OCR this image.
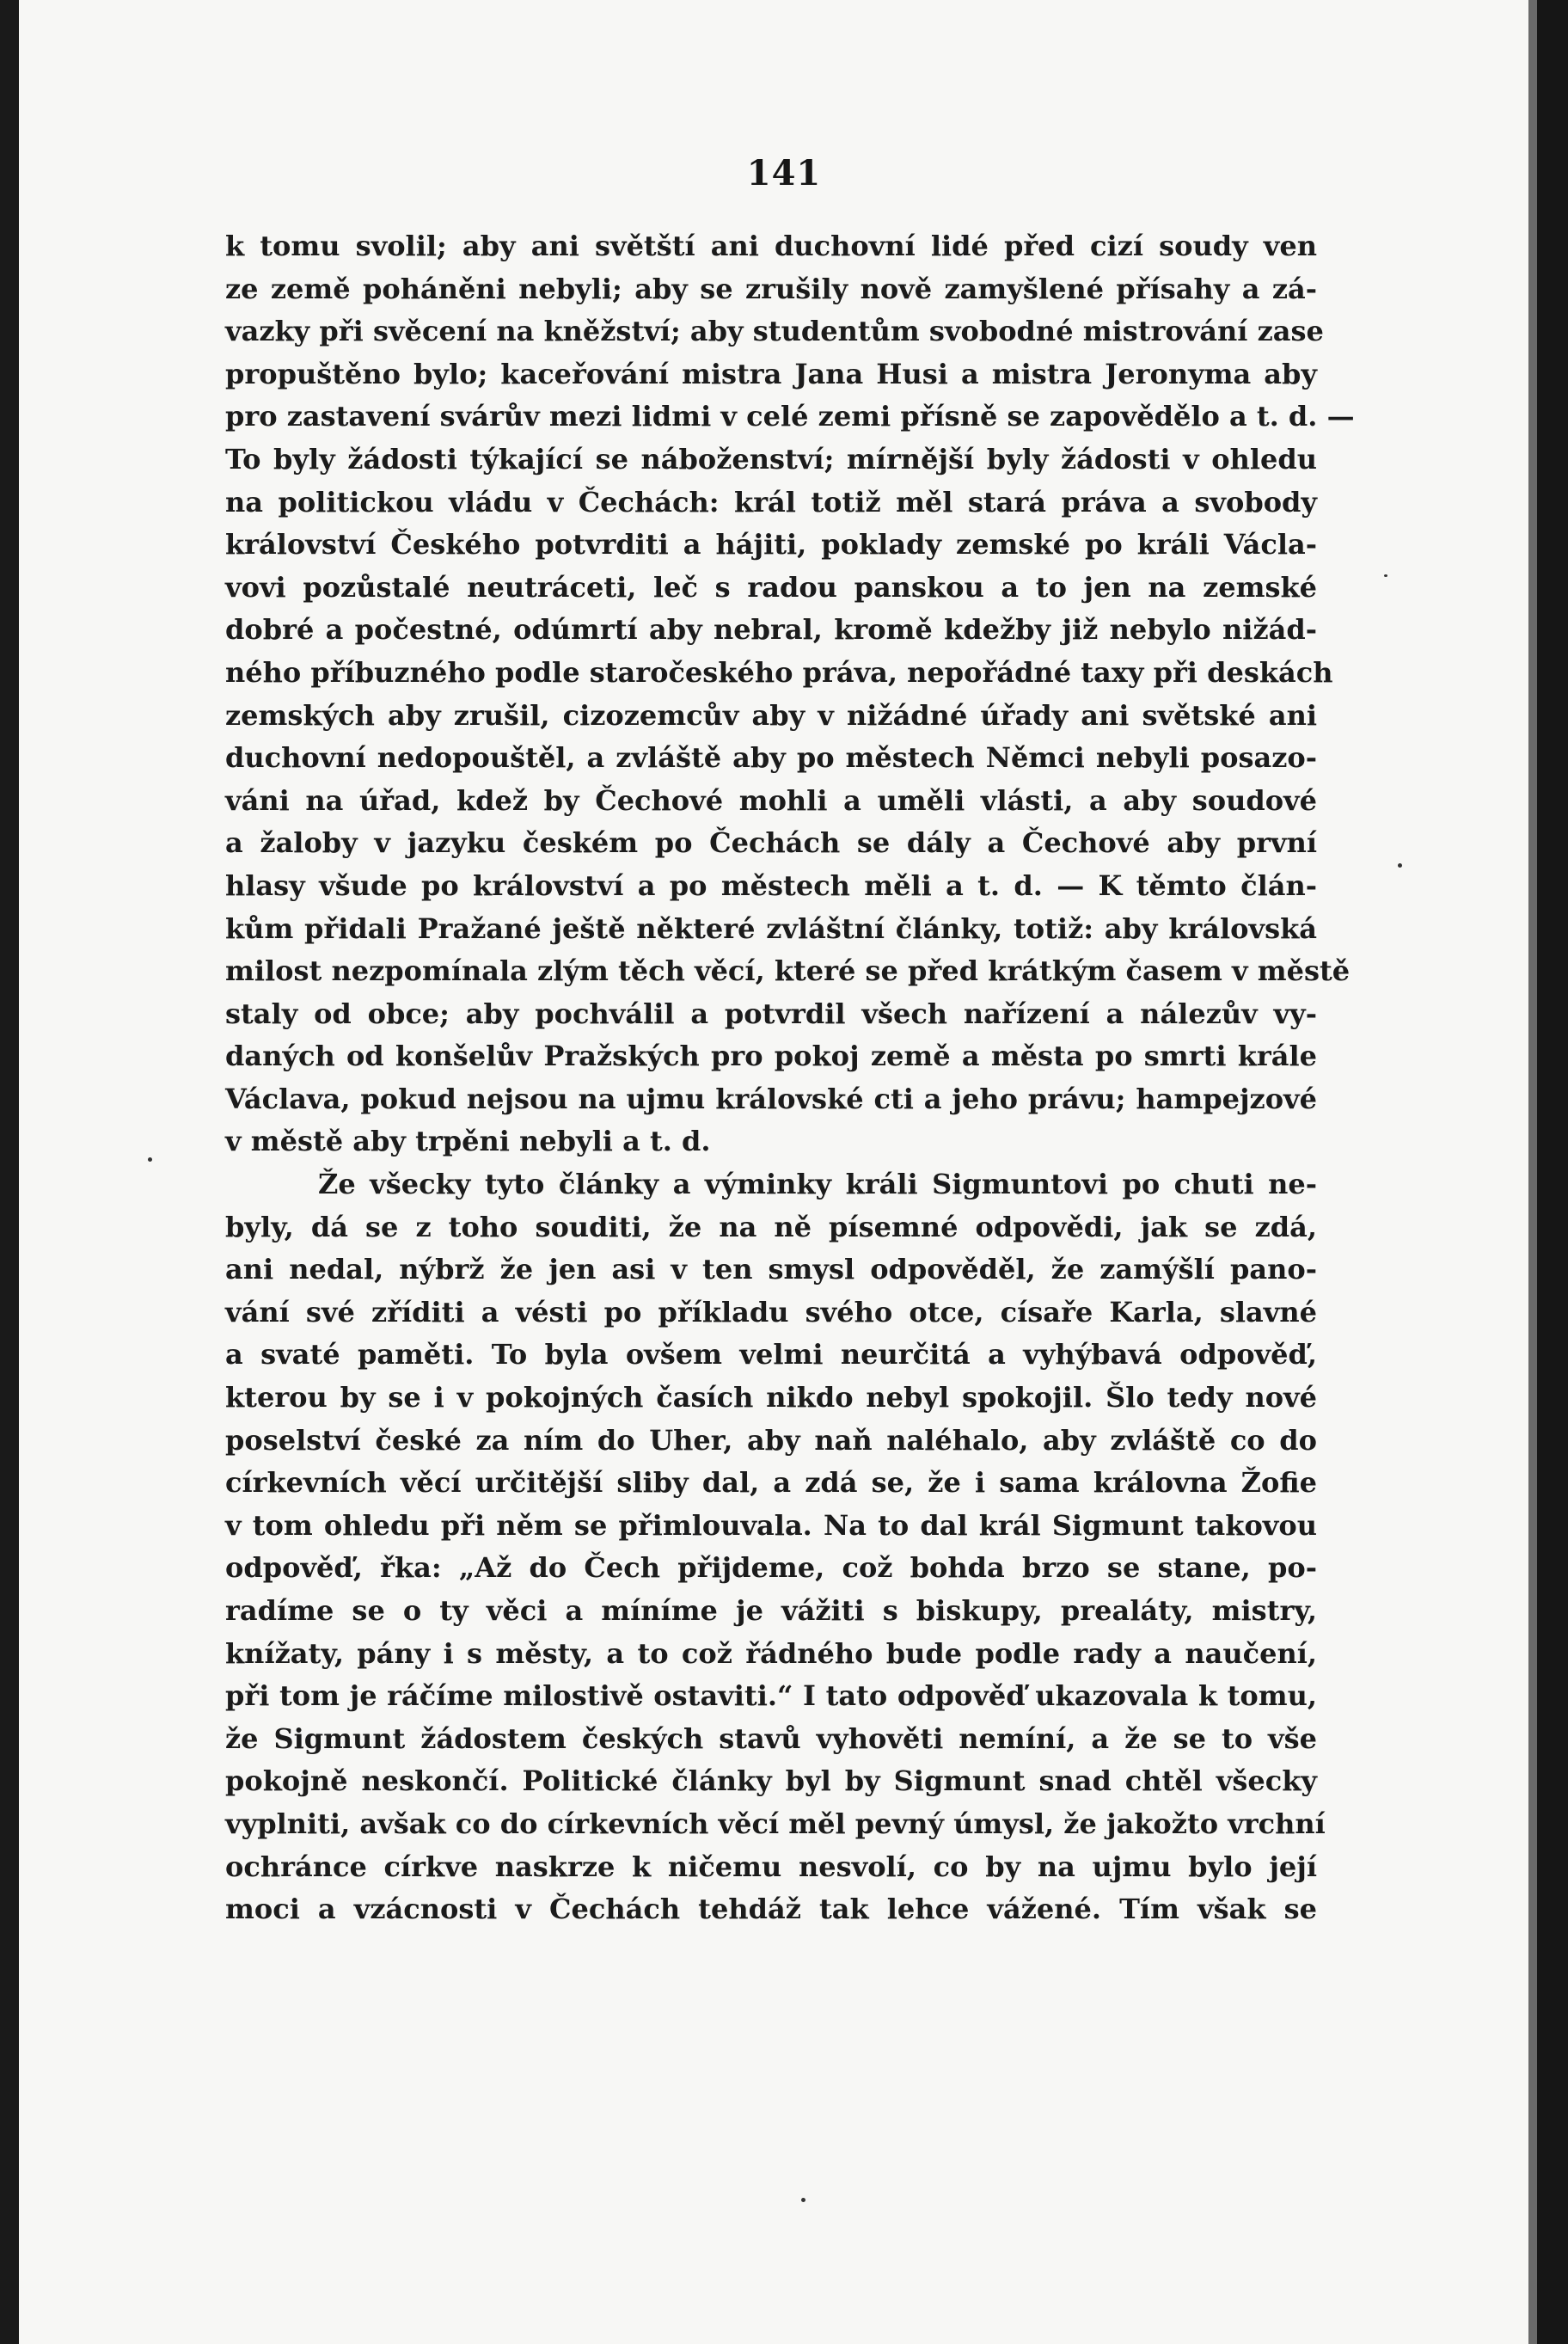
141
k tomu svolil; aby ani světští ani duchovní lidé před cizí soudy ven
ze země poháněni nebyli; aby se zrušily nově zamyšlené přísahy a zá-
vazky při svěcení na kněžství; aby studentům svobodné mistrování zase
propuštěno bylo; kaceřování mistra Jana Husi a mistra Jeronyma aby
pro zastavení svárův mezi lidmi v celé zemi přísně se zapovědělo a t. d. —
To byly žádosti týkající se náboženství; mírnější byly žádosti v ohledu
na politickou vládu v Čechách: král totiž měl stará práva a svobody
království Českého potvrditi a hájiti, poklady zemské po králi Václa-
vovi pozůstalé neutráceti, leč s radou panskou a to jen na zemské
dobré a počestné, odúmrtí aby nebral, kromě kdežby již nebylo nižád-
ného příbuzného podle staročeského práva, nepořádné taxy při deskách
zemských aby zrušil, cizozemcův aby v nižádné úřady ani světské ani
duchovní nedopouštěl, a zvláště aby po městech Němci nebyli posazo-
váni na úřad, kdež by Čechové mohli a uměli vlásti, a aby soudové
a žaloby v jazyku českém po Čechách se dály a Čechové aby první
hlasy všude po království a po městech měli a t. d. — K těmto člán-
kům přidali Pražané ještě některé zvláštní články, totiž: aby královská
milost nezpomínala zlým těch věcí, které se před krátkým časem v městě
staly od obce; aby pochválil a potvrdil všech nařízení a nálezův vy-
daných od konšelův Pražských pro pokoj země a města po smrti krále
Václava, pokud nejsou na ujmu královské cti a jeho právu; hampejzové
v městě aby trpěni nebyli a t. d.
Že všecky tyto články a výminky králi Sigmuntovi po chuti ne-
byly, dá se z toho souditi, že na ně písemné odpovědi, jak se zdá,
ani nedal, nýbrž že jen asi v ten smysl odpověděl, že zamýšlí pano-
vání své zříditi a vésti po příkladu svého otce, císaře Karla, slavné
a svaté paměti. To byla ovšem velmi neurčitá a vyhýbavá odpověď,
kterou by se i v pokojných časích nikdo nebyl spokojil. Šlo tedy nové
poselství české za ním do Uher, aby naň naléhalo, aby zvláště co do
církevních věcí určitější sliby dal, a zdá se, že i sama královna Žofie
v tom ohledu při něm se přimlouvala. Na to dal král Sigmunt takovou
odpověď, řka: „Až do Čech přijdeme, což bohda brzo se stane, po-
radíme se o ty věci a míníme je vážiti s biskupy, prealáty, mistry,
knížaty, pány i s městy, a to což řádného bude podle rady a naučení,
při tom je ráčíme milostivě ostaviti.“ I tato odpověď ukazovala k tomu,
že Sigmunt žádostem českých stavů vyhověti nemíní, a že se to vše
pokojně neskončí. Politické články byl by Sigmunt snad chtěl všecky
vyplniti, avšak co do církevních věcí měl pevný úmysl, že jakožto vrchní
ochránce církve naskrze k ničemu nesvolí, co by na ujmu bylo její
moci a vzácnosti v Čechách tehdáž tak lehce vážené. Tím však se
